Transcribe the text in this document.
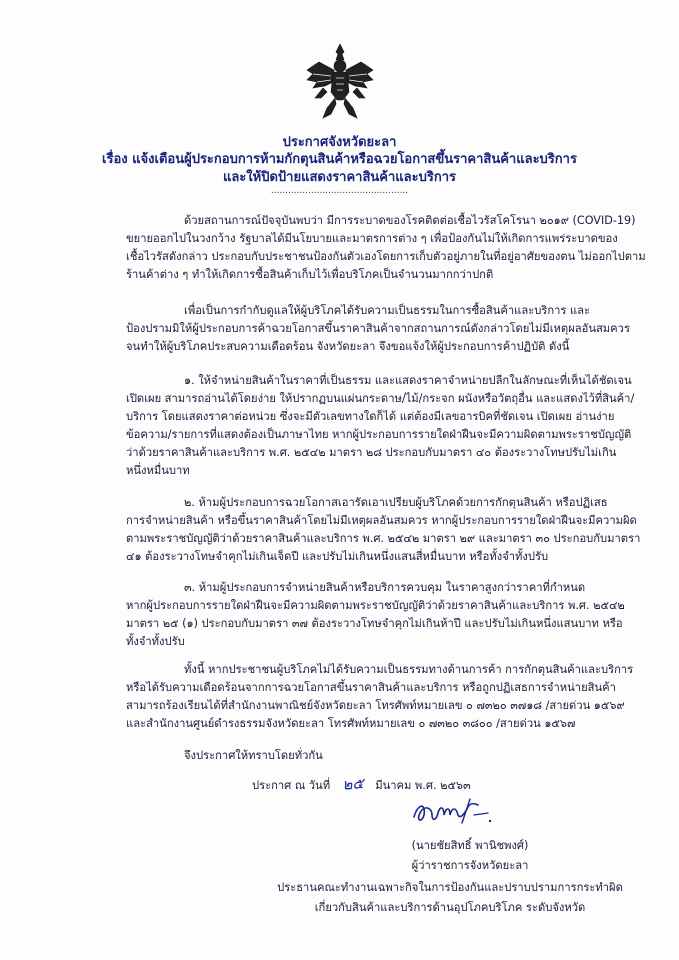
ประกาศจังหวัดยะลา
เรื่อง แจ้งเตือนผู้ประกอบการห้ามกักตุนสินค้าหรือฉวยโอกาสขึ้นราคาสินค้าและบริการ
และให้ปิดป้ายแสดงราคาสินค้าและบริการ
................................................
ด้วยสถานการณ์ปัจจุบันพบว่า มีการระบาดของโรคติดต่อเชื้อไวรัสโคโรนา ๒๐๑๙ (COVID-19)
ขยายออกไปในวงกว้าง รัฐบาลได้มีนโยบายและมาตรการต่าง ๆ เพื่อป้องกันไม่ให้เกิดการแพร่ระบาดของ
เชื้อไวรัสดังกล่าว ประกอบกับประชาชนป้องกันตัวเองโดยการเก็บตัวอยู่ภายในที่อยู่อาศัยของตน ไม่ออกไปตาม
ร้านค้าต่าง ๆ ทำให้เกิดการซื้อสินค้าเก็บไว้เพื่อบริโภคเป็นจำนวนมากกว่าปกติ
เพื่อเป็นการกำกับดูแลให้ผู้บริโภคได้รับความเป็นธรรมในการซื้อสินค้าและบริการ และ
ป้องปรามมิให้ผู้ประกอบการค้าฉวยโอกาสขึ้นราคาสินค้าจากสถานการณ์ดังกล่าวโดยไม่มีเหตุผลอันสมควร
จนทำให้ผู้บริโภคประสบความเดือดร้อน จังหวัดยะลา จึงขอแจ้งให้ผู้ประกอบการค้าปฏิบัติ ดังนี้
๑. ให้จำหน่ายสินค้าในราคาที่เป็นธรรม และแสดงราคาจำหน่ายปลีกในลักษณะที่เห็นได้ชัดเจน
เปิดเผย สามารถอ่านได้โดยง่าย ให้ปรากฏบนแผ่นกระดาษ/ไม้/กระจก ผนังหรือวัตถุอื่น และแสดงไว้ที่สินค้า/
บริการ โดยแสดงราคาต่อหน่วย ซึ่งจะมีตัวเลขทางใดก็ได้ แต่ต้องมีเลขอารบิคที่ชัดเจน เปิดเผย อ่านง่าย
ข้อความ/รายการที่แสดงต้องเป็นภาษาไทย หากผู้ประกอบการรายใดฝ่าฝืนจะมีความผิดตามพระราชบัญญัติ
ว่าด้วยราคาสินค้าและบริการ พ.ศ. ๒๕๔๒ มาตรา ๒๘ ประกอบกับมาตรา ๔๐ ต้องระวางโทษปรับไม่เกิน
หนึ่งหมื่นบาท
๒. ห้ามผู้ประกอบการฉวยโอกาสเอารัดเอาเปรียบผู้บริโภคด้วยการกักตุนสินค้า หรือปฏิเสธ
การจำหน่ายสินค้า หรือขึ้นราคาสินค้าโดยไม่มีเหตุผลอันสมควร หากผู้ประกอบการรายใดฝ่าฝืนจะมีความผิด
ตามพระราชบัญญัติว่าด้วยราคาสินค้าและบริการ พ.ศ. ๒๕๔๒ มาตรา ๒๙ และมาตรา ๓๐ ประกอบกับมาตรา
๔๑ ต้องระวางโทษจำคุกไม่เกินเจ็ดปี และปรับไม่เกินหนึ่งแสนสี่หมื่นบาท หรือทั้งจำทั้งปรับ
๓. ห้ามผู้ประกอบการจำหน่ายสินค้าหรือบริการควบคุม ในราคาสูงกว่าราคาที่กำหนด
หากผู้ประกอบการรายใดฝ่าฝืนจะมีความผิดตามพระราชบัญญัติว่าด้วยราคาสินค้าและบริการ พ.ศ. ๒๕๔๒
มาตรา ๒๕ (๑) ประกอบกับมาตรา ๓๗ ต้องระวางโทษจำคุกไม่เกินห้าปี และปรับไม่เกินหนึ่งแสนบาท หรือ
ทั้งจำทั้งปรับ
ทั้งนี้ หากประชาชนผู้บริโภคไม่ได้รับความเป็นธรรมทางด้านการค้า การกักตุนสินค้าและบริการ
หรือได้รับความเดือดร้อนจากการฉวยโอกาสขึ้นราคาสินค้าและบริการ หรือถูกปฏิเสธการจำหน่ายสินค้า
สามารถร้องเรียนได้ที่สำนักงานพาณิชย์จังหวัดยะลา โทรศัพท์หมายเลข ๐ ๗๓๒๐ ๓๗๑๘ /สายด่วน ๑๕๖๙
และสำนักงานศูนย์ดำรงธรรมจังหวัดยะลา โทรศัพท์หมายเลข ๐ ๗๓๒๐ ๓๘๐๐ /สายด่วน ๑๕๖๗
จึงประกาศให้ทราบโดยทั่วกัน
ประกาศ ณ วันที่ ๒๕ มีนาคม พ.ศ. ๒๕๖๓
(นายชัยสิทธิ์ พานิชพงศ์)
ผู้ว่าราชการจังหวัดยะลา
ประธานคณะทำงานเฉพาะกิจในการป้องกันและปราบปรามการกระทำผิด
เกี่ยวกับสินค้าและบริการด้านอุปโภคบริโภค ระดับจังหวัด
